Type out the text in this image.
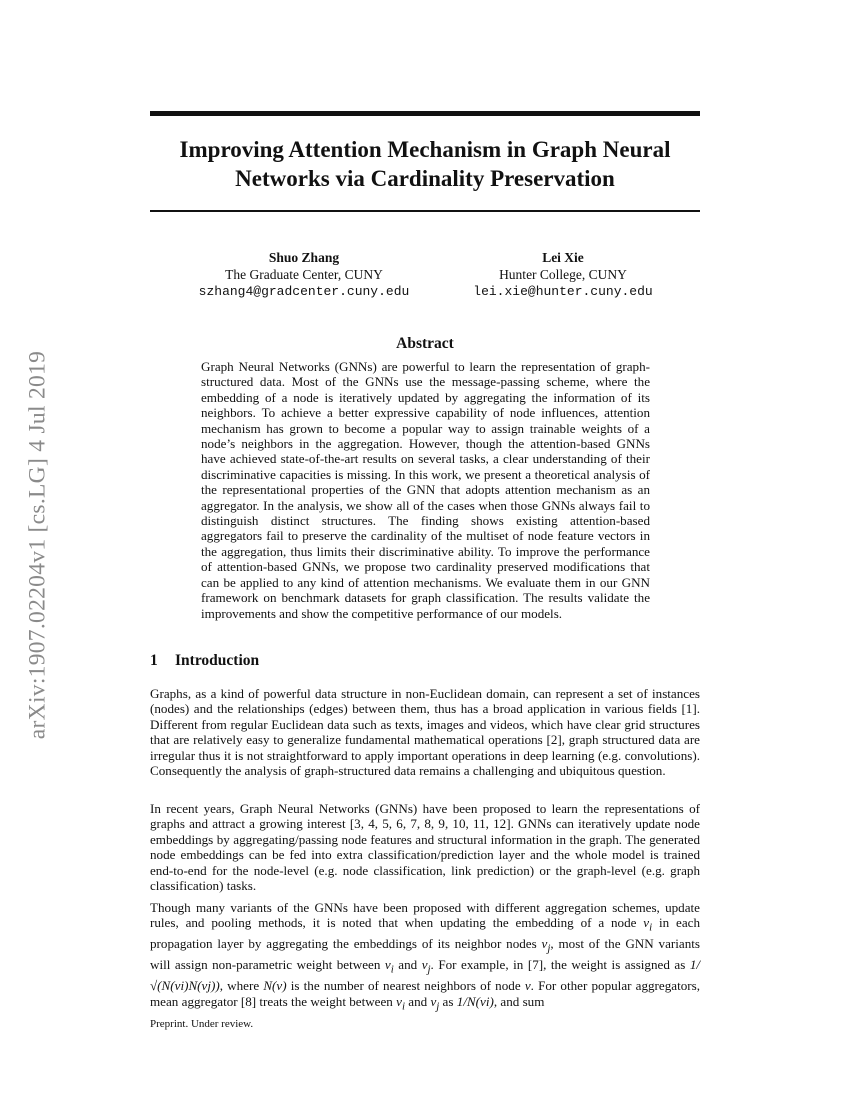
arXiv:1907.02204v1 [cs.LG] 4 Jul 2019
Improving Attention Mechanism in Graph Neural Networks via Cardinality Preservation
Shuo Zhang
The Graduate Center, CUNY
szhang4@gradcenter.cuny.edu
Lei Xie
Hunter College, CUNY
lei.xie@hunter.cuny.edu
Abstract
Graph Neural Networks (GNNs) are powerful to learn the representation of graph-structured data. Most of the GNNs use the message-passing scheme, where the embedding of a node is iteratively updated by aggregating the information of its neighbors. To achieve a better expressive capability of node influences, attention mechanism has grown to become a popular way to assign trainable weights of a node’s neighbors in the aggregation. However, though the attention-based GNNs have achieved state-of-the-art results on several tasks, a clear understanding of their discriminative capacities is missing. In this work, we present a theoretical analysis of the representational properties of the GNN that adopts attention mechanism as an aggregator. In the analysis, we show all of the cases when those GNNs always fail to distinguish distinct structures. The finding shows existing attention-based aggregators fail to preserve the cardinality of the multiset of node feature vectors in the aggregation, thus limits their discriminative ability. To improve the performance of attention-based GNNs, we propose two cardinality preserved modifications that can be applied to any kind of attention mechanisms. We evaluate them in our GNN framework on benchmark datasets for graph classification. The results validate the improvements and show the competitive performance of our models.
1 Introduction
Graphs, as a kind of powerful data structure in non-Euclidean domain, can represent a set of instances (nodes) and the relationships (edges) between them, thus has a broad application in various fields [1]. Different from regular Euclidean data such as texts, images and videos, which have clear grid structures that are relatively easy to generalize fundamental mathematical operations [2], graph structured data are irregular thus it is not straightforward to apply important operations in deep learning (e.g. convolutions). Consequently the analysis of graph-structured data remains a challenging and ubiquitous question.
In recent years, Graph Neural Networks (GNNs) have been proposed to learn the representations of graphs and attract a growing interest [3, 4, 5, 6, 7, 8, 9, 10, 11, 12]. GNNs can iteratively update node embeddings by aggregating/passing node features and structural information in the graph. The generated node embeddings can be fed into extra classification/prediction layer and the whole model is trained end-to-end for the node-level (e.g. node classification, link prediction) or the graph-level (e.g. graph classification) tasks.
Though many variants of the GNNs have been proposed with different aggregation schemes, update rules, and pooling methods, it is noted that when updating the embedding of a node $v_i$ in each propagation layer by aggregating the embeddings of its neighbor nodes $v_j$, most of the GNN variants will assign non-parametric weight between $v_i$ and $v_j$. For example, in [7], the weight is assigned as 1/√(N(vi)N(vj)), where N(v) is the number of nearest neighbors of node v. For other popular aggregators, mean aggregator [8] treats the weight between $v_i$ and $v_j$ as 1/N(vi), and sum
Preprint. Under review.
